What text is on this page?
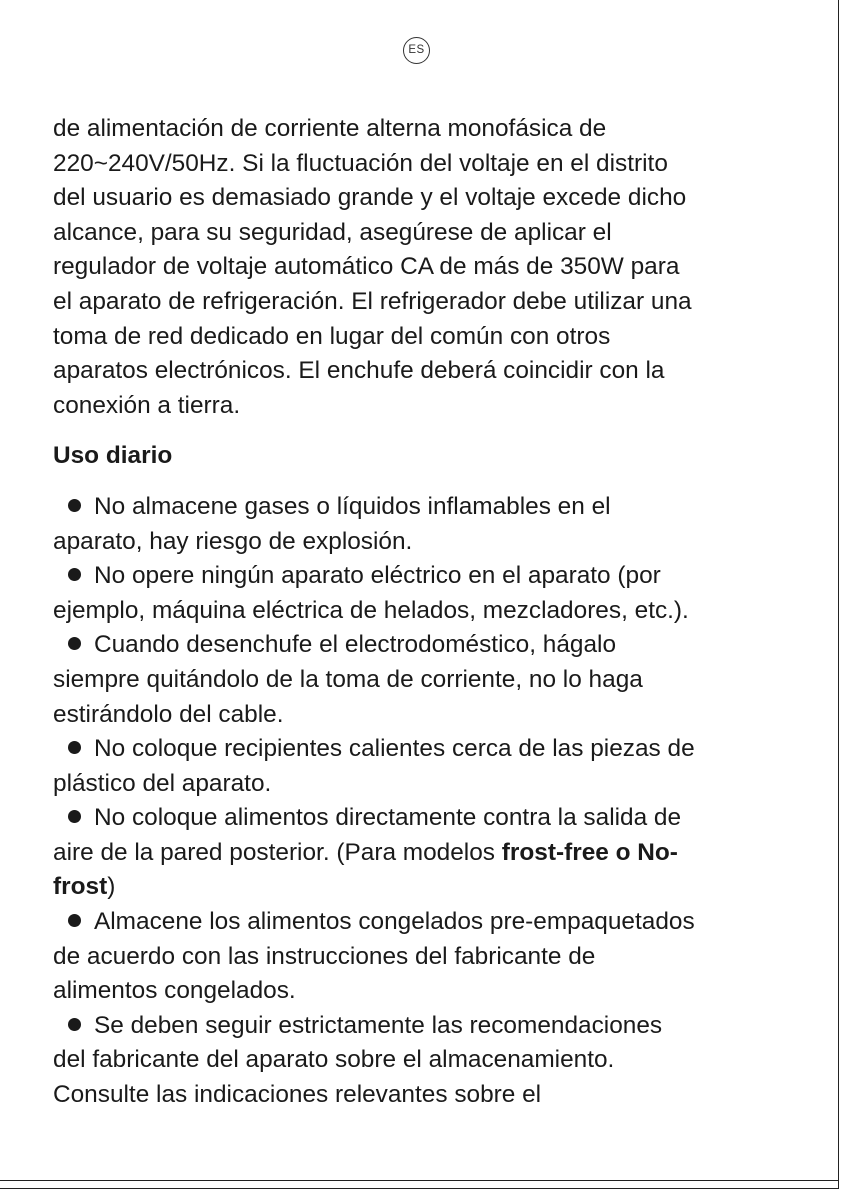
ES

de alimentación de corriente alterna monofásica de
220~240V/50Hz. Si la fluctuación del voltaje en el distrito
del usuario es demasiado grande y el voltaje excede dicho
alcance, para su seguridad, asegúrese de aplicar el
regulador de voltaje automático CA de más de 350W para
el aparato de refrigeración. El refrigerador debe utilizar una
toma de red dedicado en lugar del común con otros
aparatos electrónicos. El enchufe deberá coincidir con la
conexión a tierra.

Uso diario
No almacene gases o líquidos inflamables en el
aparato, hay riesgo de explosión.
No opere ningún aparato eléctrico en el aparato (por
ejemplo, máquina eléctrica de helados, mezcladores, etc.).
Cuando desenchufe el electrodoméstico, hágalo
siempre quitándolo de la toma de corriente, no lo haga
estirándolo del cable.
No coloque recipientes calientes cerca de las piezas de
plástico del aparato.
No coloque alimentos directamente contra la salida de
aire de la pared posterior. (Para modelos frost-free o No-
frost)
Almacene los alimentos congelados pre-empaquetados
de acuerdo con las instrucciones del fabricante de
alimentos congelados.
Se deben seguir estrictamente las recomendaciones
del fabricante del aparato sobre el almacenamiento.
Consulte las indicaciones relevantes sobre el
